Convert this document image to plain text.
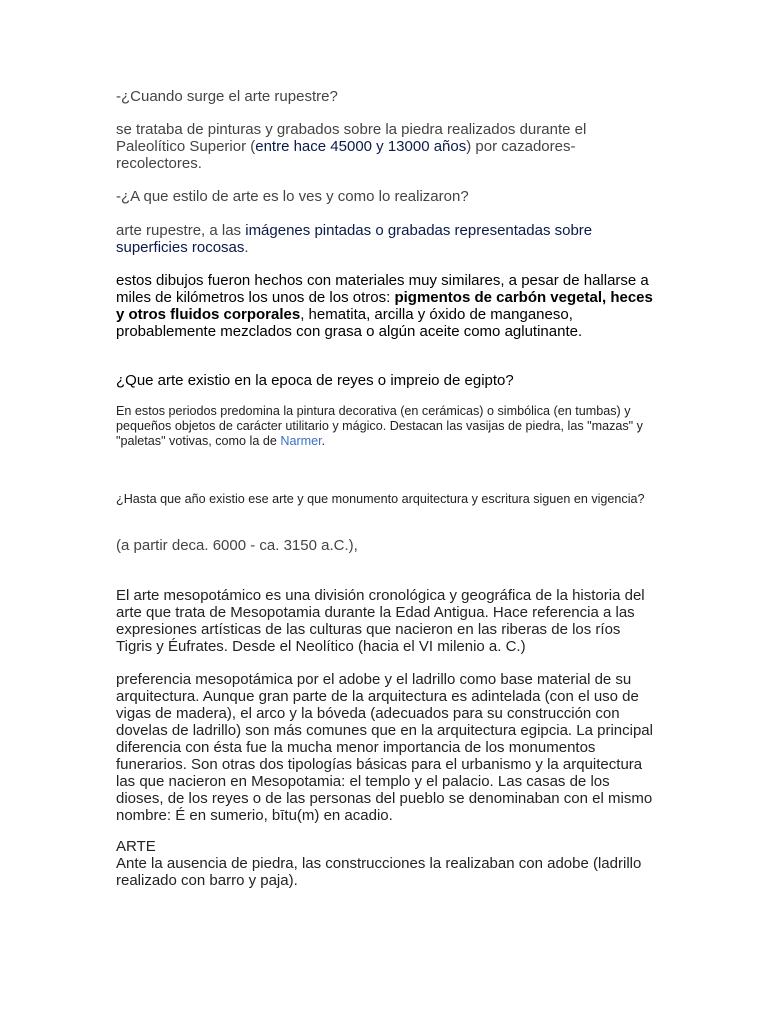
-¿Cuando surge el arte rupestre?

se trataba de pinturas y grabados sobre la piedra realizados durante el Paleolítico Superior (entre hace 45000 y 13000 años) por cazadores-recolectores.

-¿A que estilo de arte es lo ves y como lo realizaron?

arte rupestre, a las imágenes pintadas o grabadas representadas sobre superficies rocosas.

estos dibujos fueron hechos con materiales muy similares, a pesar de hallarse a miles de kilómetros los unos de los otros: pigmentos de carbón vegetal, heces y otros fluidos corporales, hematita, arcilla y óxido de manganeso, probablemente mezclados con grasa o algún aceite como aglutinante.

¿Que arte existio en la epoca de reyes o impreio de egipto?

En estos periodos predomina la pintura decorativa (en cerámicas) o simbólica (en tumbas) y pequeños objetos de carácter utilitario y mágico. Destacan las vasijas de piedra, las "mazas" y "paletas" votivas, como la de Narmer.

¿Hasta que año existio ese arte y que monumento arquitectura y escritura siguen en vigencia?

(a partir deca. 6000 - ca. 3150 a.C.),

El arte mesopotámico es una división cronológica y geográfica de la historia del arte que trata de Mesopotamia durante la Edad Antigua. Hace referencia a las expresiones artísticas de las culturas que nacieron en las riberas de los ríos Tigris y Éufrates. Desde el Neolítico (hacia el VI milenio a. C.)

preferencia mesopotámica por el adobe y el ladrillo como base material de su arquitectura. Aunque gran parte de la arquitectura es adintelada (con el uso de vigas de madera), el arco y la bóveda (adecuados para su construcción con dovelas de ladrillo) son más comunes que en la arquitectura egipcia. La principal diferencia con ésta fue la mucha menor importancia de los monumentos funerarios. Son otras dos tipologías básicas para el urbanismo y la arquitectura las que nacieron en Mesopotamia: el templo y el palacio. Las casas de los dioses, de los reyes o de las personas del pueblo se denominaban con el mismo nombre: É en sumerio, bītu(m) en acadio.

ARTE

Ante la ausencia de piedra, las construcciones la realizaban con adobe (ladrillo realizado con barro y paja).
